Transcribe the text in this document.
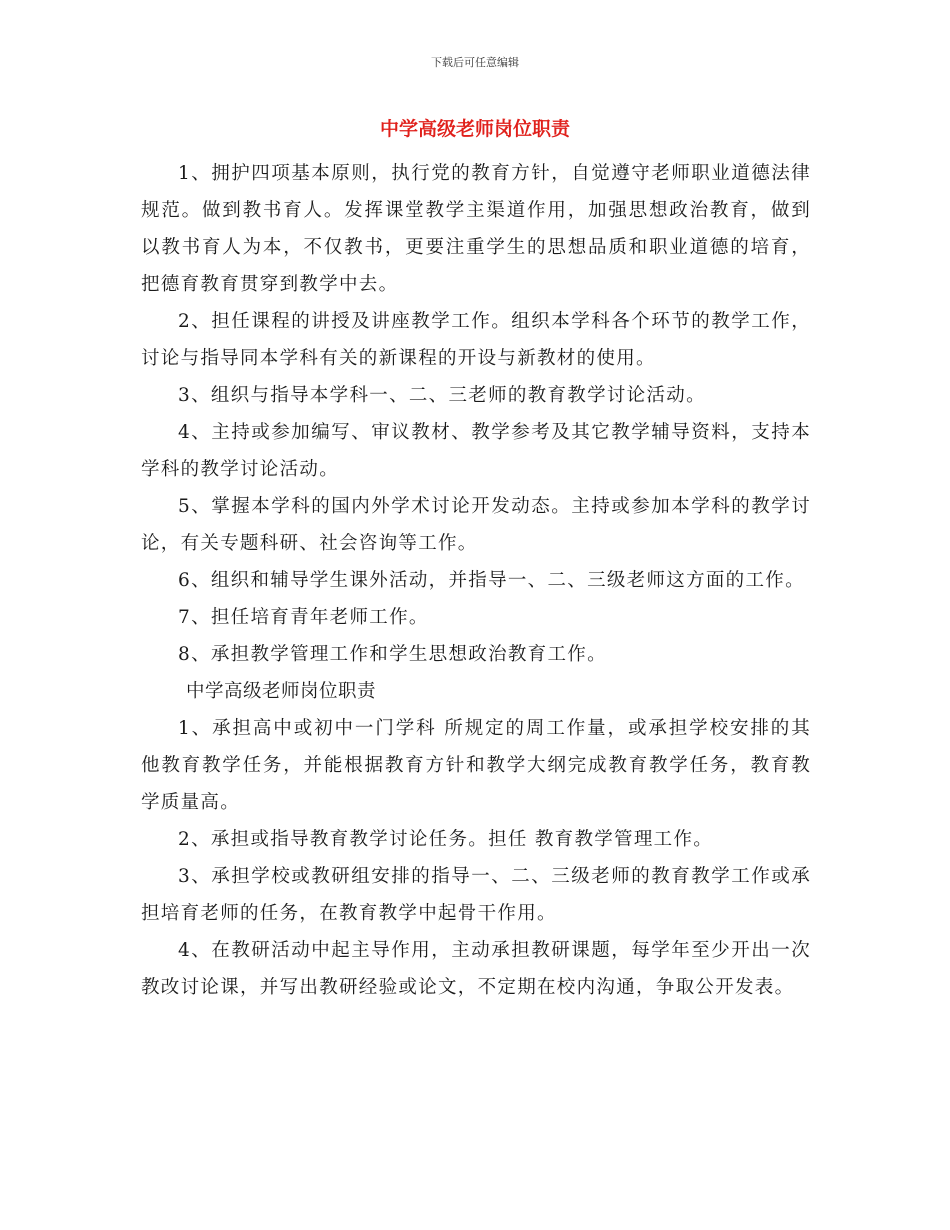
下载后可任意编辑
中学高级老师岗位职责

1、拥护四项基本原则，执行党的教育方针，自觉遵守老师职业道德法律规范。做到教书育人。发挥课堂教学主渠道作用，加强思想政治教育，做到以教书育人为本，不仅教书，更要注重学生的思想品质和职业道德的培育，把德育教育贯穿到教学中去。

2、担任课程的讲授及讲座教学工作。组织本学科各个环节的教学工作，讨论与指导同本学科有关的新课程的开设与新教材的使用。

3、组织与指导本学科一、二、三老师的教育教学讨论活动。

4、主持或参加编写、审议教材、教学参考及其它教学辅导资料，支持本学科的教学讨论活动。

5、掌握本学科的国内外学术讨论开发动态。主持或参加本学科的教学讨论，有关专题科研、社会咨询等工作。

6、组织和辅导学生课外活动，并指导一、二、三级老师这方面的工作。

7、担任培育青年老师工作。

8、承担教学管理工作和学生思想政治教育工作。

中学高级老师岗位职责

1、承担高中或初中一门学科 所规定的周工作量，或承担学校安排的其他教育教学任务，并能根据教育方针和教学大纲完成教育教学任务，教育教学质量高。

2、承担或指导教育教学讨论任务。担任 教育教学管理工作。

3、承担学校或教研组安排的指导一、二、三级老师的教育教学工作或承担培育老师的任务，在教育教学中起骨干作用。

4、在教研活动中起主导作用，主动承担教研课题，每学年至少开出一次教改讨论课，并写出教研经验或论文，不定期在校内沟通，争取公开发表。
